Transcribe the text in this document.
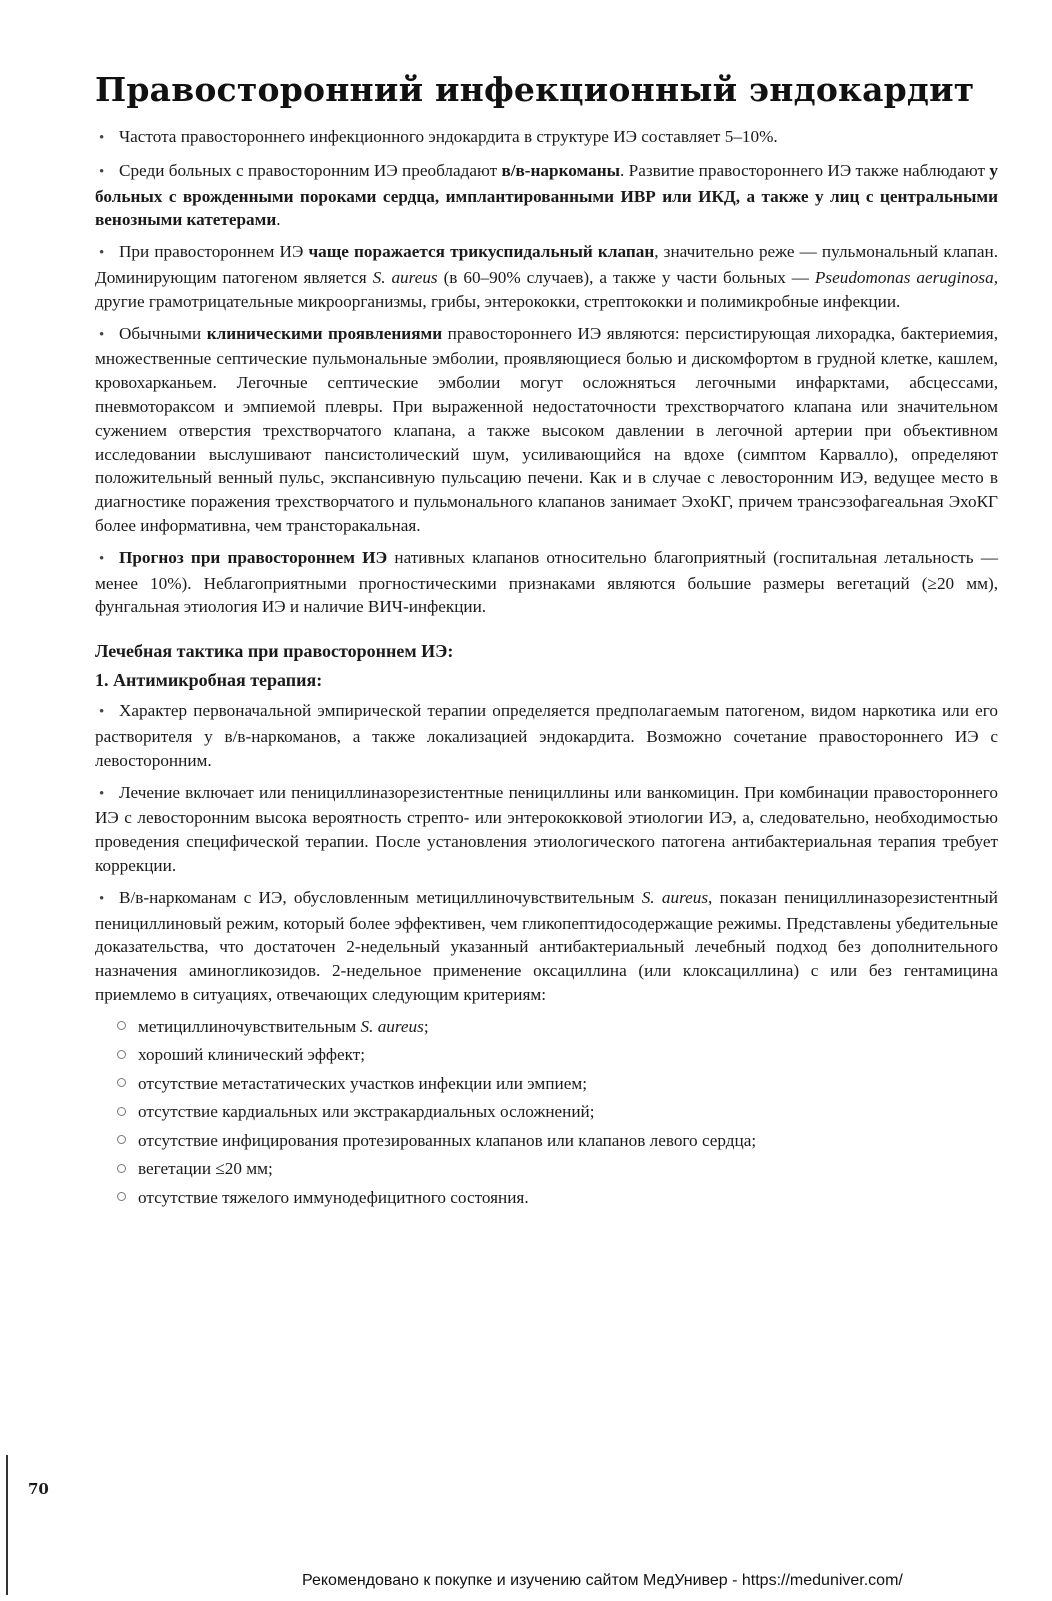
Правосторонний инфекционный эндокардит

• Частота правостороннего инфекционного эндокардита в структуре ИЭ составляет 5–10%.

• Среди больных с правосторонним ИЭ преобладают в/в-наркоманы. Развитие правостороннего ИЭ также наблюдают у больных с врожденными пороками сердца, имплантированными ИВР или ИКД, а также у лиц с центральными венозными катетерами.

• При правостороннем ИЭ чаще поражается трикуспидальный клапан, значительно реже — пульмональный клапан. Доминирующим патогеном является S. aureus (в 60–90% случаев), а также у части больных — Pseudomonas aeruginosa, другие грамотрицательные микроорганизмы, грибы, энтерококки, стрептококки и полимикробные инфекции.

• Обычными клиническими проявлениями правостороннего ИЭ являются: персистирующая лихорадка, бактериемия, множественные септические пульмональные эмболии, проявляющиеся болью и дискомфортом в грудной клетке, кашлем, кровохарканьем. Легочные септические эмболии могут осложняться легочными инфарктами, абсцессами, пневмотораксом и эмпиемой плевры. При выраженной недостаточности трехстворчатого клапана или значительном сужением отверстия трехстворчатого клапана, а также высоком давлении в легочной артерии при объективном исследовании выслушивают пансистолический шум, усиливающийся на вдохе (симптом Карвалло), определяют положительный венный пульс, экспансивную пульсацию печени. Как и в случае с левосторонним ИЭ, ведущее место в диагностике поражения трехстворчатого и пульмонального клапанов занимает ЭхоКГ, причем трансэзофагеальная ЭхоКГ более информативна, чем трансторакальная.

• Прогноз при правостороннем ИЭ нативных клапанов относительно благоприятный (госпитальная летальность — менее 10%). Неблагоприятными прогностическими признаками являются большие размеры вегетаций (≥20 мм), фунгальная этиология ИЭ и наличие ВИЧ-инфекции.

Лечебная тактика при правостороннем ИЭ:
1. Антимикробная терапия:

• Характер первоначальной эмпирической терапии определяется предполагаемым патогеном, видом наркотика или его растворителя у в/в-наркоманов, а также локализацией эндокардита. Возможно сочетание правостороннего ИЭ с левосторонним.

• Лечение включает или пенициллиназорезистентные пенициллины или ванкомицин. При комбинации правостороннего ИЭ с левосторонним высока вероятность стрепто- или энтерококковой этиологии ИЭ, а, следовательно, необходимостью проведения специфической терапии. После установления этиологического патогена антибактериальная терапия требует коррекции.

• В/в-наркоманам с ИЭ, обусловленным метициллиночувствительным S. aureus, показан пенициллиназорезистентный пенициллиновый режим, который более эффективен, чем гликопептидосодержащие режимы. Представлены убедительные доказательства, что достаточен 2-недельный указанный антибактериальный лечебный подход без дополнительного назначения аминогликозидов. 2-недельное применение оксациллина (или клоксациллина) с или без гентамицина приемлемо в ситуациях, отвечающих следующим критериям:

метициллиночувствительным S. aureus;
хороший клинический эффект;
отсутствие метастатических участков инфекции или эмпием;
отсутствие кардиальных или экстракардиальных осложнений;
отсутствие инфицирования протезированных клапанов или клапанов левого сердца;
вегетации ≤20 мм;
отсутствие тяжелого иммунодефицитного состояния.
70
Рекомендовано к покупке и изучению сайтом МедУнивер - https://meduniver.com/
